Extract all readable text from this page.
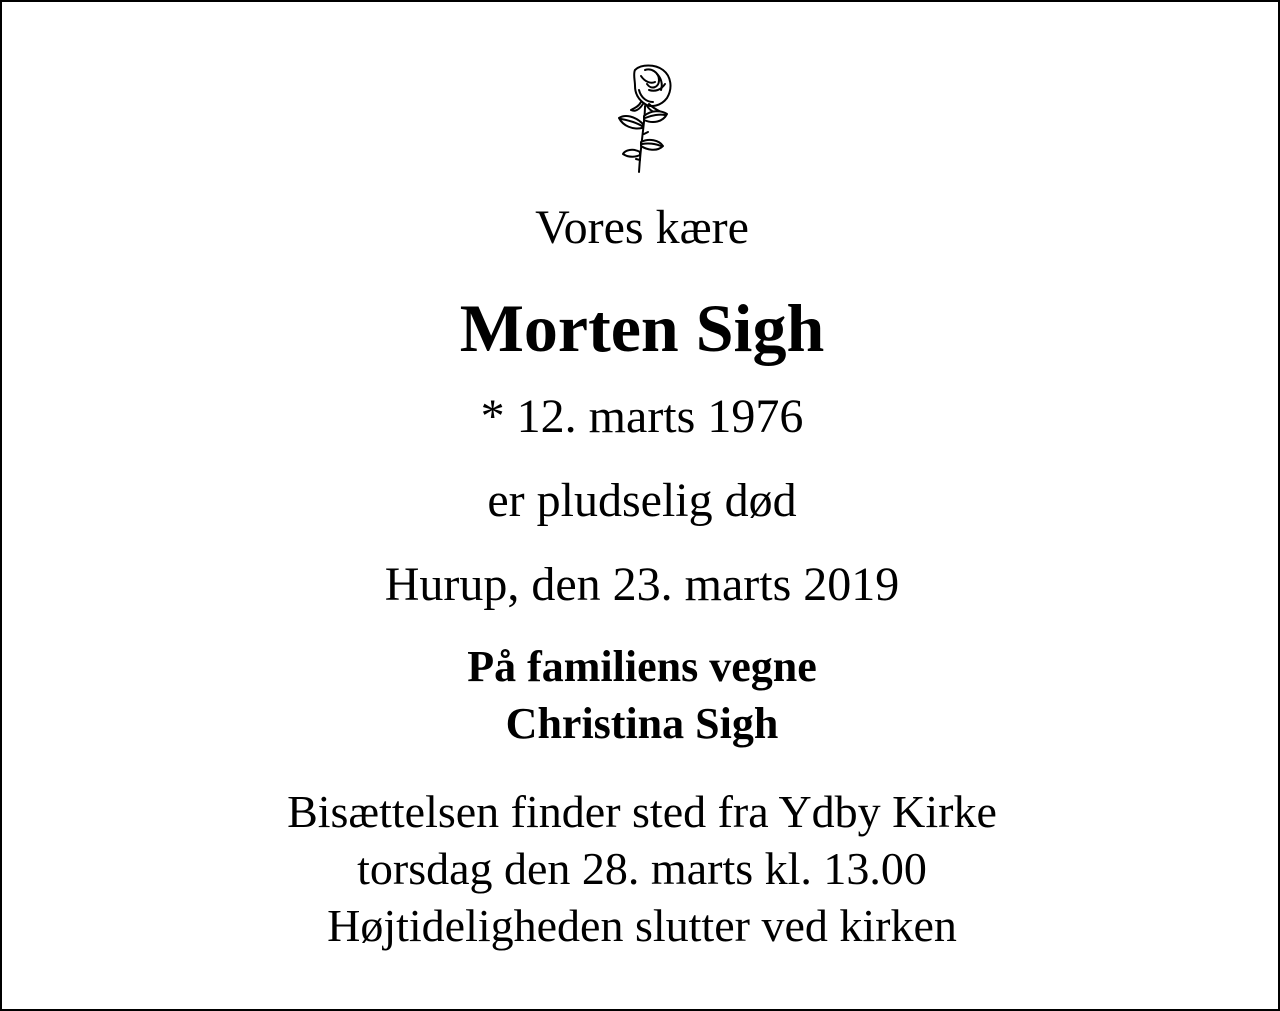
Vores kære
Morten Sigh
* 12. marts 1976
er pludselig død
Hurup, den 23. marts 2019
På familiens vegne
Christina Sigh
Bisættelsen finder sted fra Ydby Kirke
torsdag den 28. marts kl. 13.00
Højtideligheden slutter ved kirken
